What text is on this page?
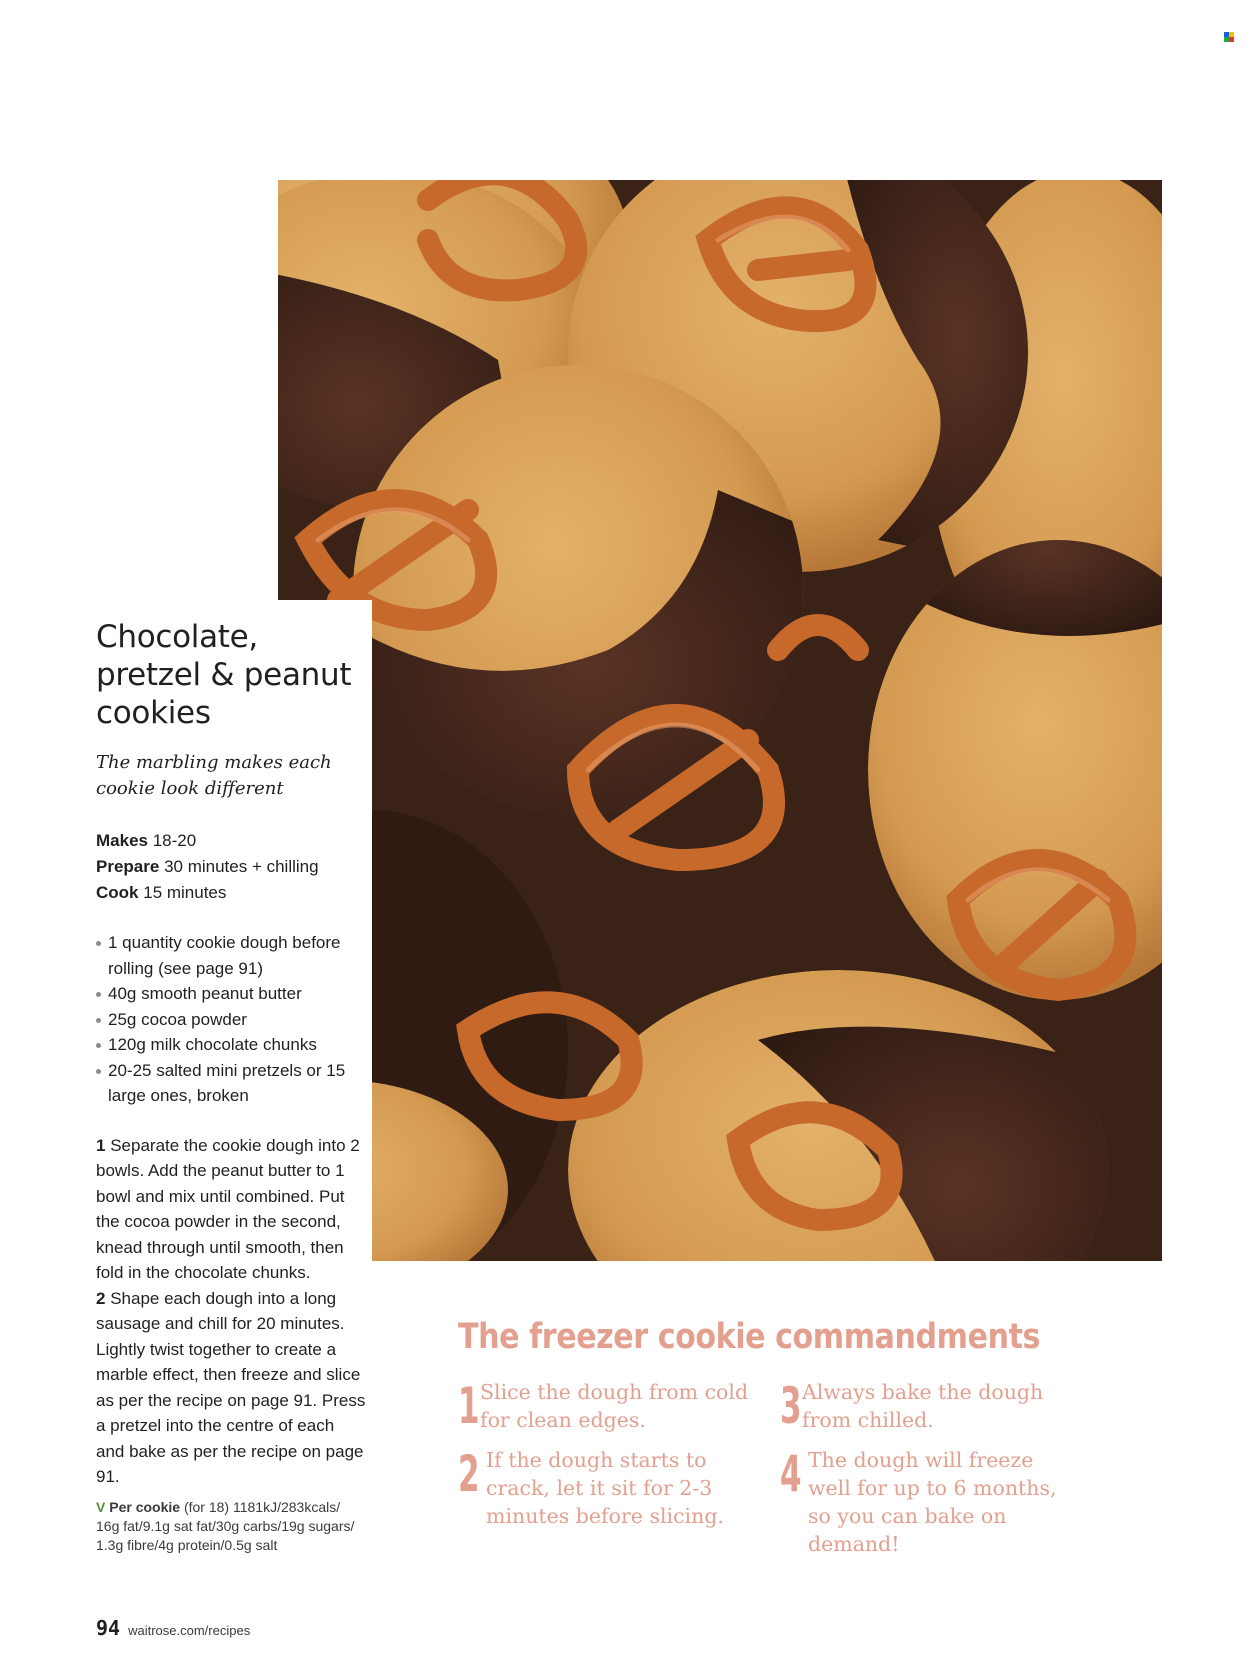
Chocolate, pretzel & peanut cookies

The marbling makes each cookie look different

Makes 18-20
Prepare 30 minutes + chilling
Cook 15 minutes
1 quantity cookie dough before rolling (see page 91)
40g smooth peanut butter
25g cocoa powder
120g milk chocolate chunks
20-25 salted mini pretzels or 15 large ones, broken

1 Separate the cookie dough into 2 bowls. Add the peanut butter to 1 bowl and mix until combined. Put the cocoa powder in the second, knead through until smooth, then fold in the chocolate chunks.

2 Shape each dough into a long sausage and chill for 20 minutes. Lightly twist together to create a marble effect, then freeze and slice as per the recipe on page 91. Press a pretzel into the centre of each and bake as per the recipe on page 91.

V Per cookie (for 18) 1181kJ/283kcals/ 16g fat/9.1g sat fat/30g carbs/19g sugars/ 1.3g fibre/4g protein/0.5g salt
The freezer cookie commandments
1 Slice the dough from cold for clean edges.
2 If the dough starts to crack, let it sit for 2-3 minutes before slicing.
3 Always bake the dough from chilled.
4 The dough will freeze well for up to 6 months, so you can bake on demand!
94 waitrose.com/recipes
